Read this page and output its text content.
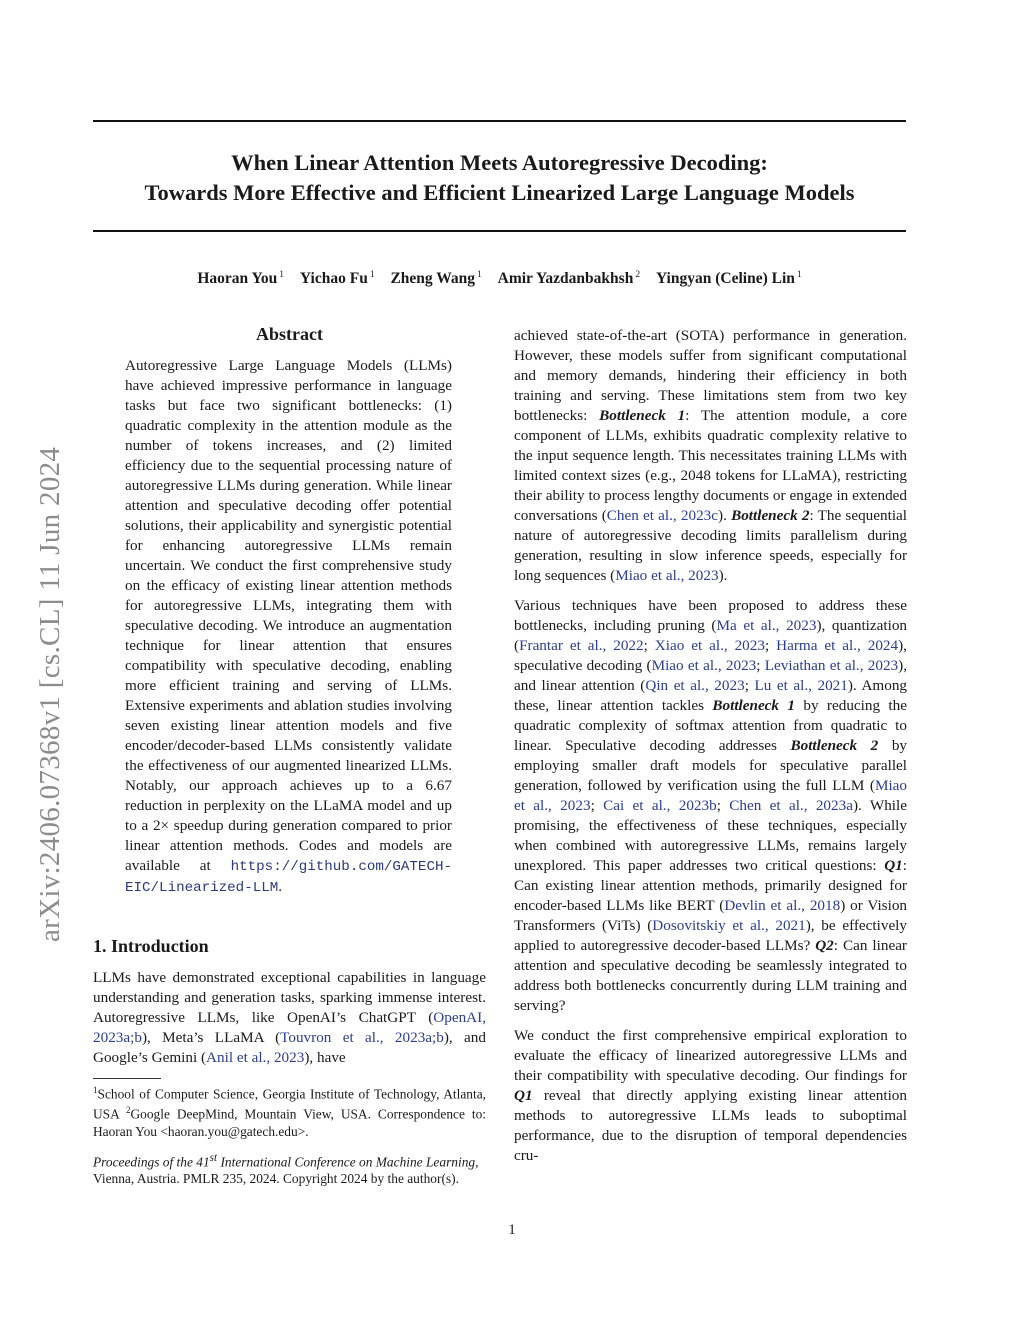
When Linear Attention Meets Autoregressive Decoding:
Towards More Effective and Efficient Linearized Large Language Models
Haoran You $^1$ Yichao Fu $^1$ Zheng Wang $^1$ Amir Yazdanbakhsh $^2$ Yingyan (Celine) Lin $^1$
arXiv:2406.07368v1 [cs.CL] 11 Jun 2024
Abstract

Autoregressive Large Language Models (LLMs) have achieved impressive performance in language tasks but face two significant bottlenecks: (1) quadratic complexity in the attention module as the number of tokens increases, and (2) limited efficiency due to the sequential processing nature of autoregressive LLMs during generation. While linear attention and speculative decoding offer potential solutions, their applicability and synergistic potential for enhancing autoregressive LLMs remain uncertain. We conduct the first comprehensive study on the efficacy of existing linear attention methods for autoregressive LLMs, integrating them with speculative decoding. We introduce an augmentation technique for linear attention that ensures compatibility with speculative decoding, enabling more efficient training and serving of LLMs. Extensive experiments and ablation studies involving seven existing linear attention models and five encoder/decoder-based LLMs consistently validate the effectiveness of our augmented linearized LLMs. Notably, our approach achieves up to a 6.67 reduction in perplexity on the LLaMA model and up to a 2× speedup during generation compared to prior linear attention methods. Codes and models are available at https://github.com/GATECH-EIC/Linearized-LLM.

1. Introduction

LLMs have demonstrated exceptional capabilities in language understanding and generation tasks, sparking immense interest. Autoregressive LLMs, like OpenAI’s ChatGPT (OpenAI, 2023a;b), Meta’s LLaMA (Touvron et al., 2023a;b), and Google’s Gemini (Anil et al., 2023), have

$^1$School of Computer Science, Georgia Institute of Technology, Atlanta, USA $^2$Google DeepMind, Mountain View, USA. Correspondence to: Haoran You <haoran.you@gatech.edu>.
Proceedings of the 41st International Conference on Machine Learning, Vienna, Austria. PMLR 235, 2024. Copyright 2024 by the author(s).

achieved state-of-the-art (SOTA) performance in generation. However, these models suffer from significant computational and memory demands, hindering their efficiency in both training and serving. These limitations stem from two key bottlenecks: Bottleneck 1: The attention module, a core component of LLMs, exhibits quadratic complexity relative to the input sequence length. This necessitates training LLMs with limited context sizes (e.g., 2048 tokens for LLaMA), restricting their ability to process lengthy documents or engage in extended conversations (Chen et al., 2023c). Bottleneck 2: The sequential nature of autoregressive decoding limits parallelism during generation, resulting in slow inference speeds, especially for long sequences (Miao et al., 2023).

Various techniques have been proposed to address these bottlenecks, including pruning (Ma et al., 2023), quantization (Frantar et al., 2022; Xiao et al., 2023; Harma et al., 2024), speculative decoding (Miao et al., 2023; Leviathan et al., 2023), and linear attention (Qin et al., 2023; Lu et al., 2021). Among these, linear attention tackles Bottleneck 1 by reducing the quadratic complexity of softmax attention from quadratic to linear. Speculative decoding addresses Bottleneck 2 by employing smaller draft models for speculative parallel generation, followed by verification using the full LLM (Miao et al., 2023; Cai et al., 2023b; Chen et al., 2023a). While promising, the effectiveness of these techniques, especially when combined with autoregressive LLMs, remains largely unexplored. This paper addresses two critical questions: Q1: Can existing linear attention methods, primarily designed for encoder-based LLMs like BERT (Devlin et al., 2018) or Vision Transformers (ViTs) (Dosovitskiy et al., 2021), be effectively applied to autoregressive decoder-based LLMs? Q2: Can linear attention and speculative decoding be seamlessly integrated to address both bottlenecks concurrently during LLM training and serving?

We conduct the first comprehensive empirical exploration to evaluate the efficacy of linearized autoregressive LLMs and their compatibility with speculative decoding. Our findings for Q1 reveal that directly applying existing linear attention methods to autoregressive LLMs leads to suboptimal performance, due to the disruption of temporal dependencies cru-

1
